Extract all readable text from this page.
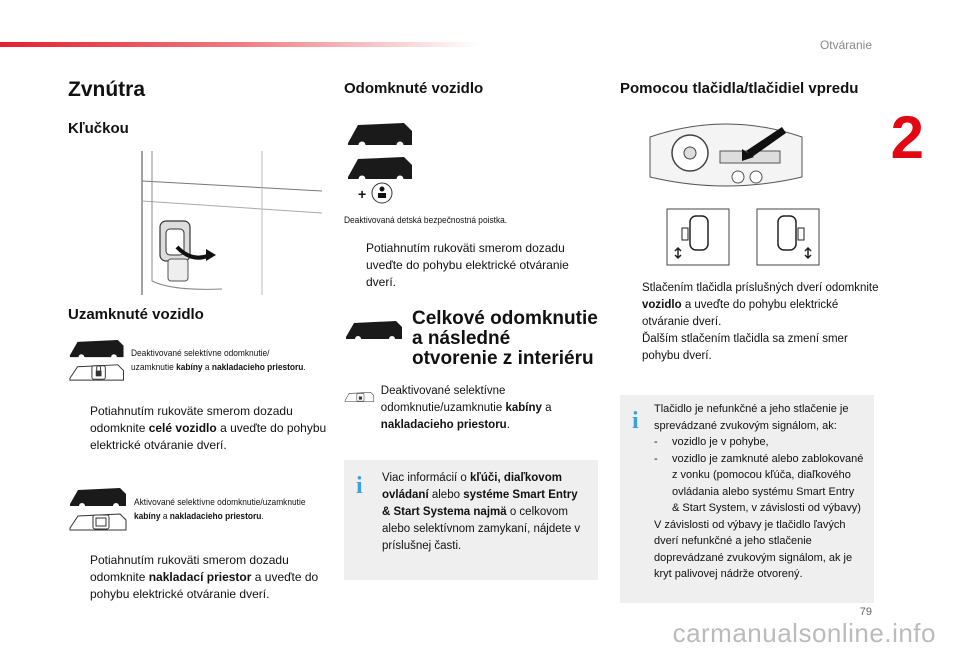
Otváranie
2
Zvnútra
Kľučkou
Uzamknuté vozidlo
Deaktivované selektívne odomknutie/
uzamknutie kabíny a nakladacieho priestoru.
Potiahnutím rukoväte smerom dozadu odomknite celé vozidlo a uveďte do pohybu elektrické otváranie dverí.
Aktivované selektívne odomknutie/uzamknutie
kabíny a nakladacieho priestoru.
Potiahnutím rukoväti smerom dozadu odomknite nakladací priestor a uveďte do pohybu elektrické otváranie dverí.
Odomknuté vozidlo
+
Deaktivovaná detská bezpečnostná poistka.
Potiahnutím rukoväti smerom dozadu uveďte do pohybu elektrické otváranie dverí.
Celkové odomknutie
a následné
otvorenie z interiéru
Deaktivované selektívne odomknutie/uzamknutie kabíny a nakladacieho priestoru.
i Viac informácií o kľúči, diaľkovom ovládaní alebo systéme Smart Entry & Start Systema najmä o celkovom alebo selektívnom zamykaní, nájdete v príslušnej časti.
Pomocou tlačidla/tlačidiel vpredu
Stlačením tlačidla príslušných dverí odomknite vozidlo a uveďte do pohybu elektrické otváranie dverí.
Ďalším stlačením tlačidla sa zmení smer pohybu dverí.
i Tlačidlo je nefunkčné a jeho stlačenie je sprevádzané zvukovým signálom, ak:
- vozidlo je v pohybe,
- vozidlo je zamknuté alebo zablokované z vonku (pomocou kľúča, diaľkového ovládania alebo systému Smart Entry & Start System, v závislosti od výbavy)
V závislosti od výbavy je tlačidlo ľavých dverí nefunkčné a jeho stlačenie doprevádzané zvukovým signálom, ak je kryt palivovej nádrže otvorený.
79
carmanualsonline.info
